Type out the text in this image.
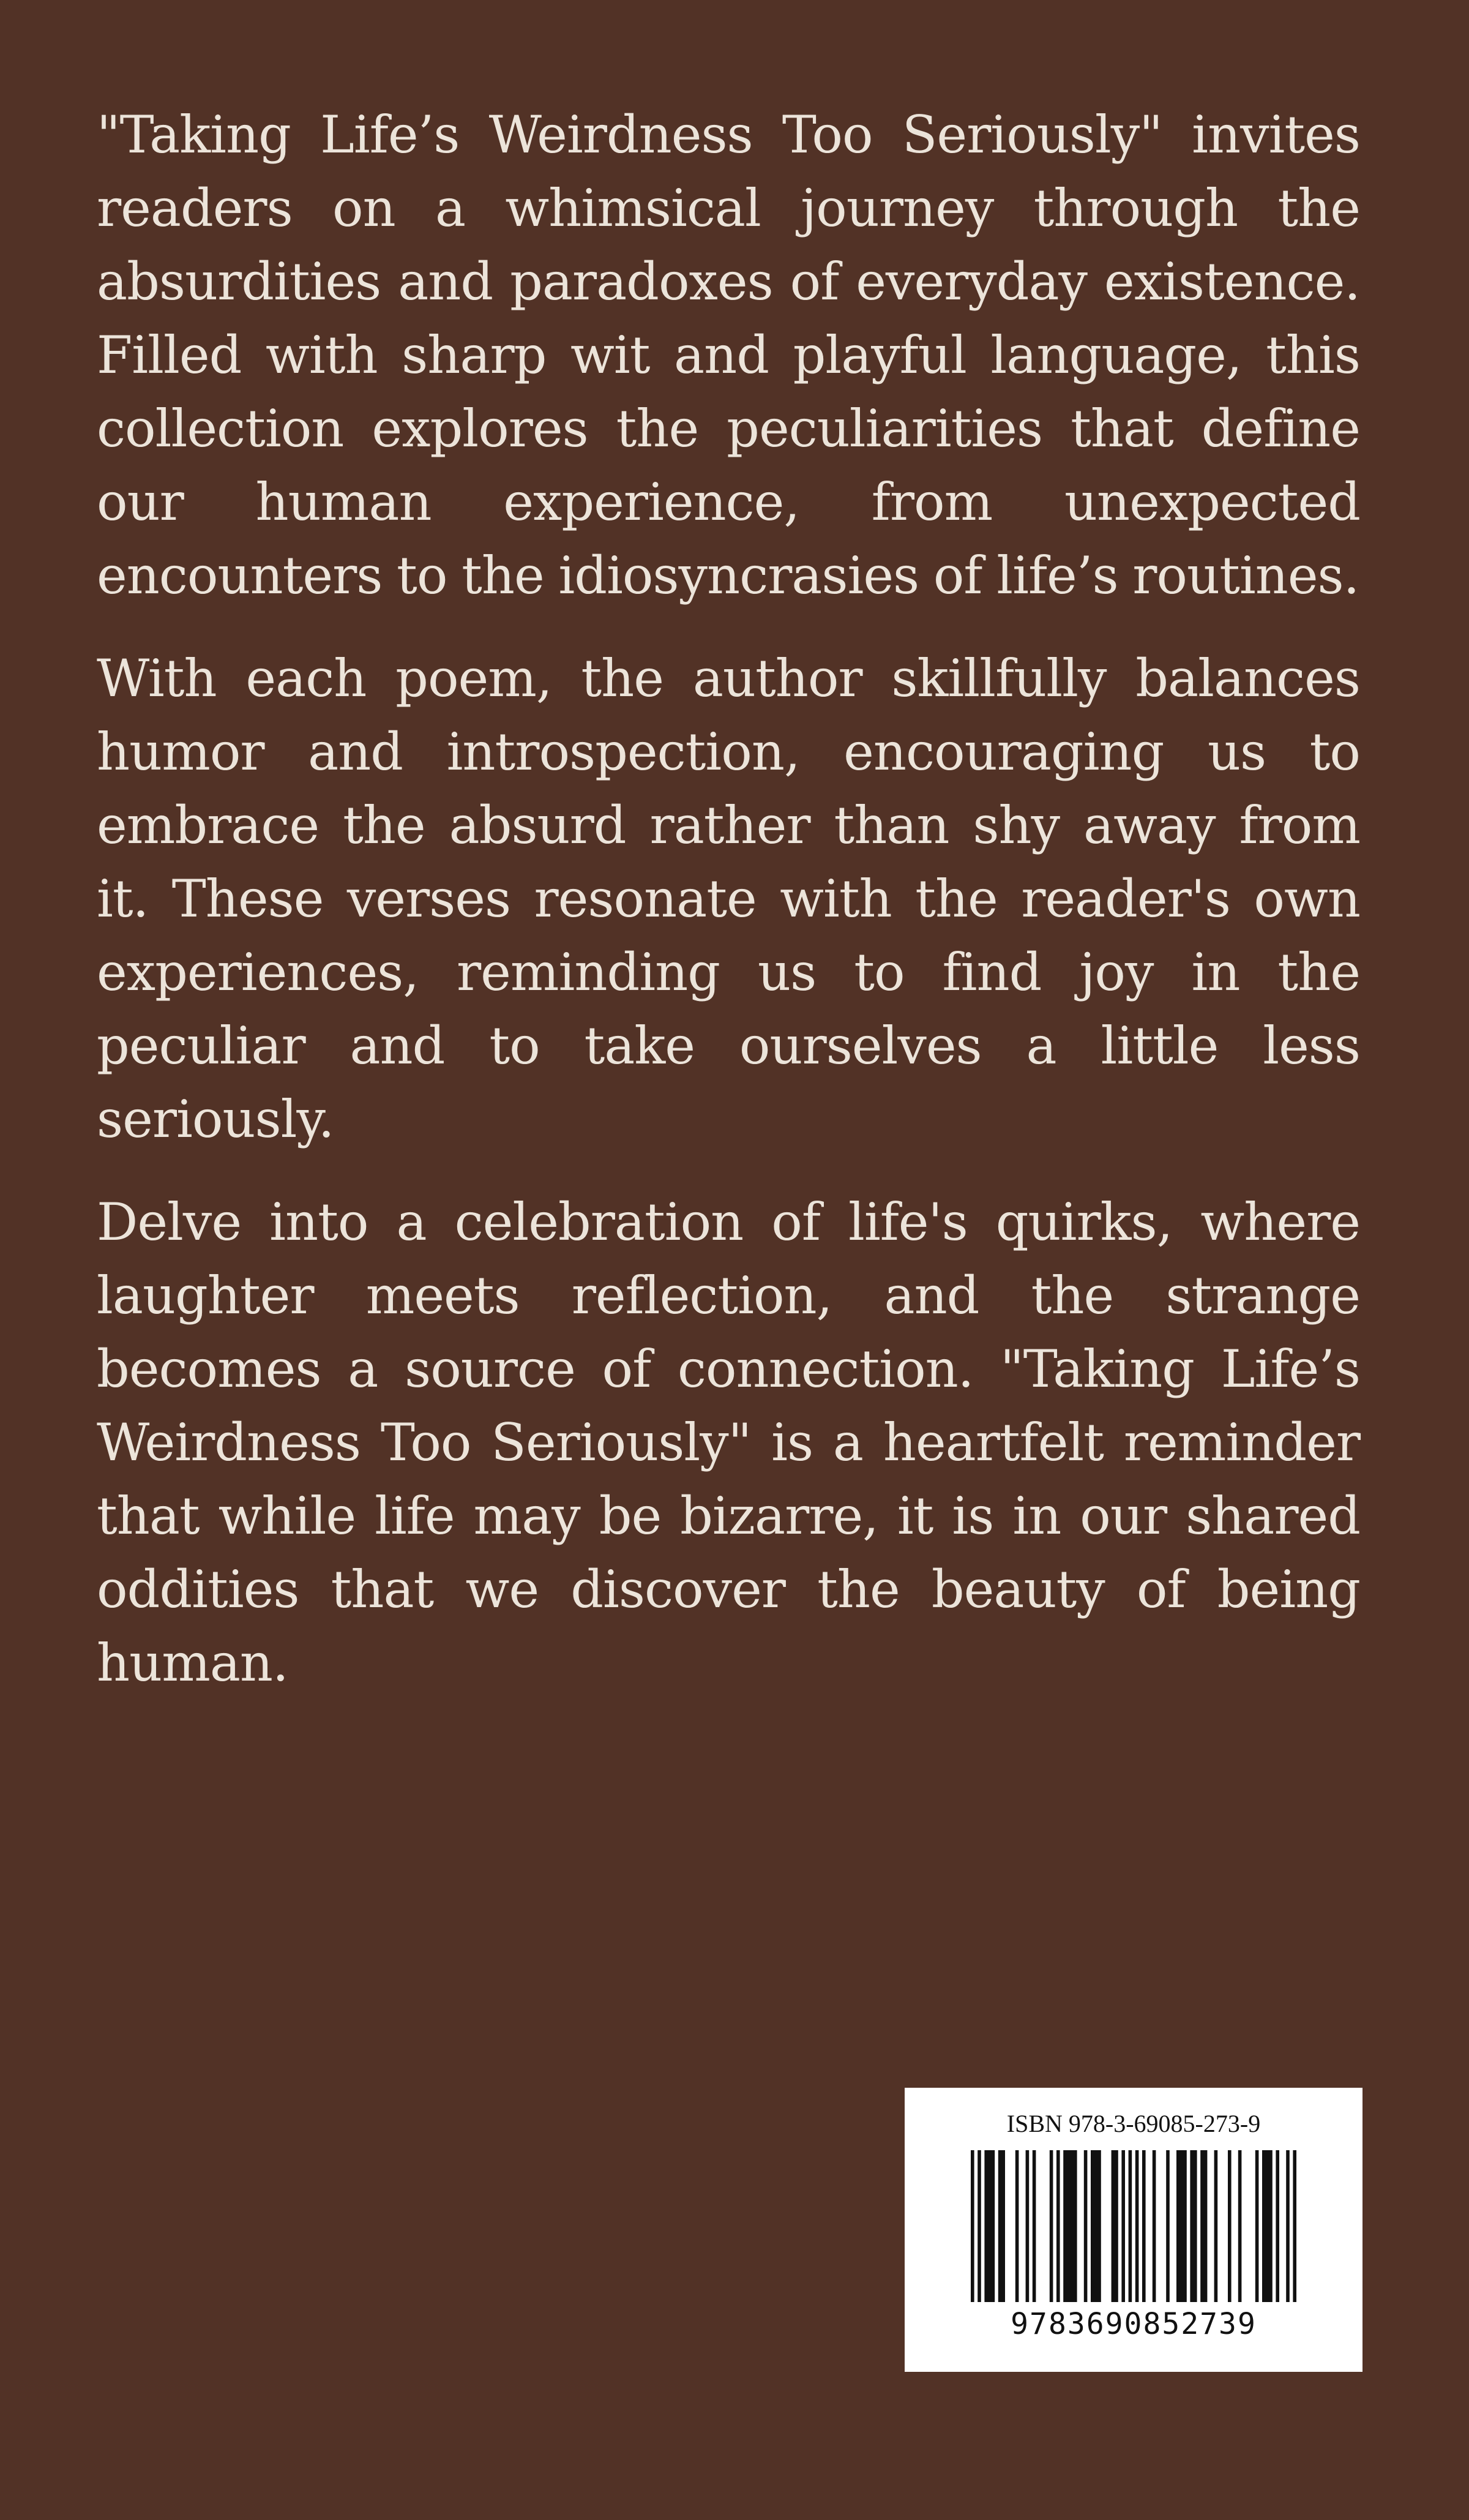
"Taking Life’s Weirdness Too Seriously" invites readers on a whimsical journey through the absurdities and paradoxes of everyday existence. Filled with sharp wit and playful language, this collection explores the peculiarities that define our human experience, from unexpected encounters to the idiosyncrasies of life’s routines.

With each poem, the author skillfully balances humor and introspection, encouraging us to embrace the absurd rather than shy away from it. These verses resonate with the reader's own experiences, reminding us to find joy in the peculiar and to take ourselves a little less seriously.

Delve into a celebration of life's quirks, where laughter meets reflection, and the strange becomes a source of connection. "Taking Life’s Weirdness Too Seriously" is a heartfelt reminder that while life may be bizarre, it is in our shared oddities that we discover the beauty of being human.

ISBN 978-3-69085-273-9
9783690852739
